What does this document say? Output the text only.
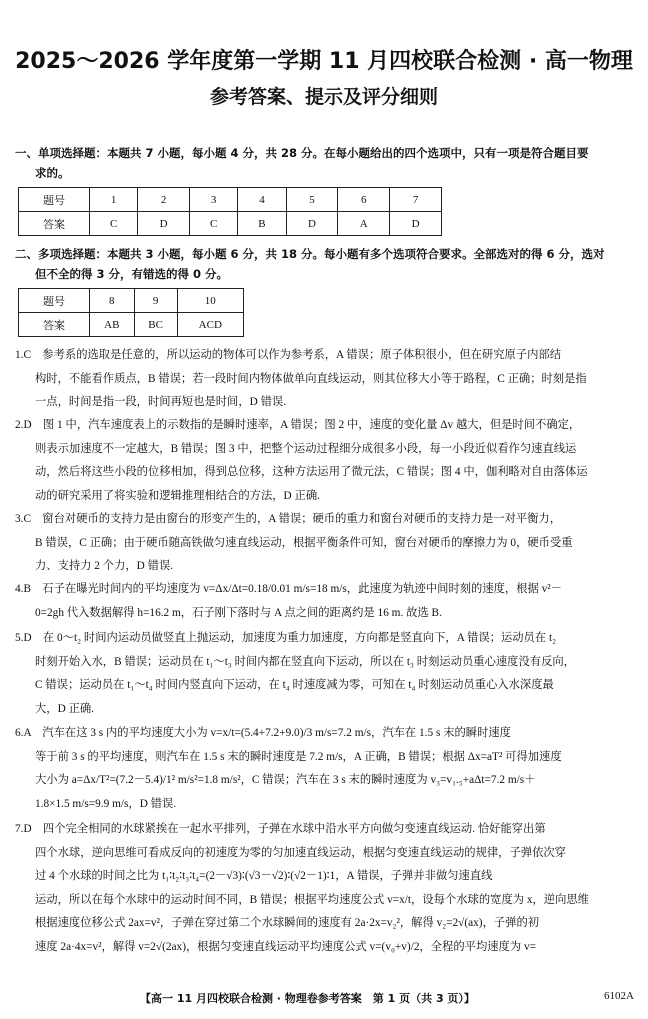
2025～2026 学年度第一学期 11 月四校联合检测 · 高一物理
参考答案、提示及评分细则
一、单项选择题：本题共 7 小题，每小题 4 分，共 28 分。在每小题给出的四个选项中，只有一项是符合题目要
求的。
题号	1	2	3	4	5	6	7
答案	C	D	C	B	D	A	D
二、多项选择题：本题共 3 小题，每小题 6 分，共 18 分。每小题有多个选项符合要求。全部选对的得 6 分，选对
但不全的得 3 分，有错选的得 0 分。
题号	8	9	10
答案	AB	BC	ACD
1.C　参考系的选取是任意的，所以运动的物体可以作为参考系，A 错误；原子体积很小，但在研究原子内部结
构时，不能看作质点，B 错误；若一段时间内物体做单向直线运动，则其位移大小等于路程，C 正确；时刻是指
一点，时间是指一段，时间再短也是时间，D 错误.
2.D　图 1 中，汽车速度表上的示数指的是瞬时速率，A 错误；图 2 中，速度的变化量 Δv 越大，但是时间不确定，
则表示加速度不一定越大，B 错误；图 3 中，把整个运动过程细分成很多小段，每一小段近似看作匀速直线运
动，然后将这些小段的位移相加，得到总位移，这种方法运用了微元法，C 错误；图 4 中，伽利略对自由落体运
动的研究采用了将实验和逻辑推理相结合的方法，D 正确.
3.C　窗台对硬币的支持力是由窗台的形变产生的，A 错误；硬币的重力和窗台对硬币的支持力是一对平衡力，
B 错误，C 正确；由于硬币随高铁做匀速直线运动，根据平衡条件可知，窗台对硬币的摩擦力为 0，硬币受重
力、支持力 2 个力，D 错误.
4.B　石子在曝光时间内的平均速度为 v=Δx/Δt=0.18/0.01 m/s=18 m/s，此速度为轨迹中间时刻的速度，根据 v²－
0=2gh 代入数据解得 h=16.2 m，石子刚下落时与 A 点之间的距离约是 16 m. 故选 B.
5.D　在 0～t₂ 时间内运动员做竖直上抛运动，加速度为重力加速度，方向都是竖直向下，A 错误；运动员在 t₂
时刻开始入水，B 错误；运动员在 t₁～t₃ 时间内都在竖直向下运动，所以在 t₃ 时刻运动员重心速度没有反向，
C 错误；运动员在 t₁～t₄ 时间内竖直向下运动，在 t₄ 时速度减为零，可知在 t₄ 时刻运动员重心入水深度最
大，D 正确.
6.A　汽车在这 3 s 内的平均速度大小为 v=x/t=(5.4+7.2+9.0)/3 m/s=7.2 m/s，汽车在 1.5 s 末的瞬时速度
等于前 3 s 的平均速度，则汽车在 1.5 s 末的瞬时速度是 7.2 m/s，A 正确，B 错误；根据 Δx=aT² 可得加速度
大小为 a=Δx/T²=(7.2－5.4)/1² m/s²=1.8 m/s²，C 错误；汽车在 3 s 末的瞬时速度为 v₃=v₁.₅+aΔt=7.2 m/s＋
1.8×1.5 m/s=9.9 m/s，D 错误.
7.D　四个完全相同的水球紧挨在一起水平排列，子弹在水球中沿水平方向做匀变速直线运动. 恰好能穿出第
四个水球，逆向思维可看成反向的初速度为零的匀加速直线运动，根据匀变速直线运动的规律，子弹依次穿
过 4 个水球的时间之比为 t₁∶t₂∶t₃∶t₄=(2－√3)∶(√3－√2)∶(√2－1)∶1，A 错误，子弹并非做匀速直线
运动，所以在每个水球中的运动时间不同，B 错误；根据平均速度公式 v=x/t，设每个水球的宽度为 x，逆向思维
根据速度位移公式 2ax=v²，子弹在穿过第二个水球瞬间的速度有 2a·2x=v₂²，解得 v₂=2√(ax)，子弹的初
速度 2a·4x=v²，解得 v=2√(2ax)，根据匀变速直线运动平均速度公式 v=(v₀+v)/2，全程的平均速度为 v=
【高一 11 月四校联合检测 · 物理卷参考答案　第 1 页（共 3 页）】	6102A
